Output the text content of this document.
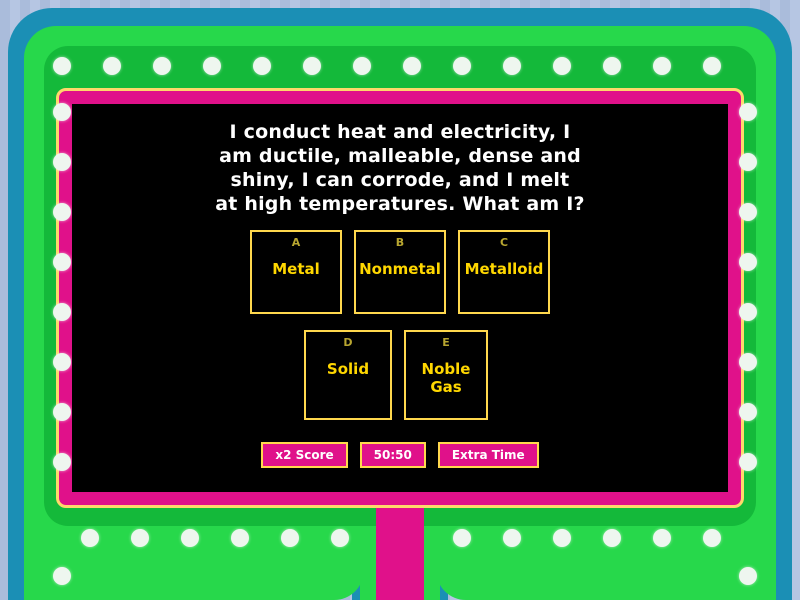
I conduct heat and electricity, I
am ductile, malleable, dense and
shiny, I can corrode, and I melt
at high temperatures. What am I?
A
Metal
B
Nonmetal
C
Metalloid
D
Solid
E
Noble Gas
x2 Score	50:50	Extra Time
